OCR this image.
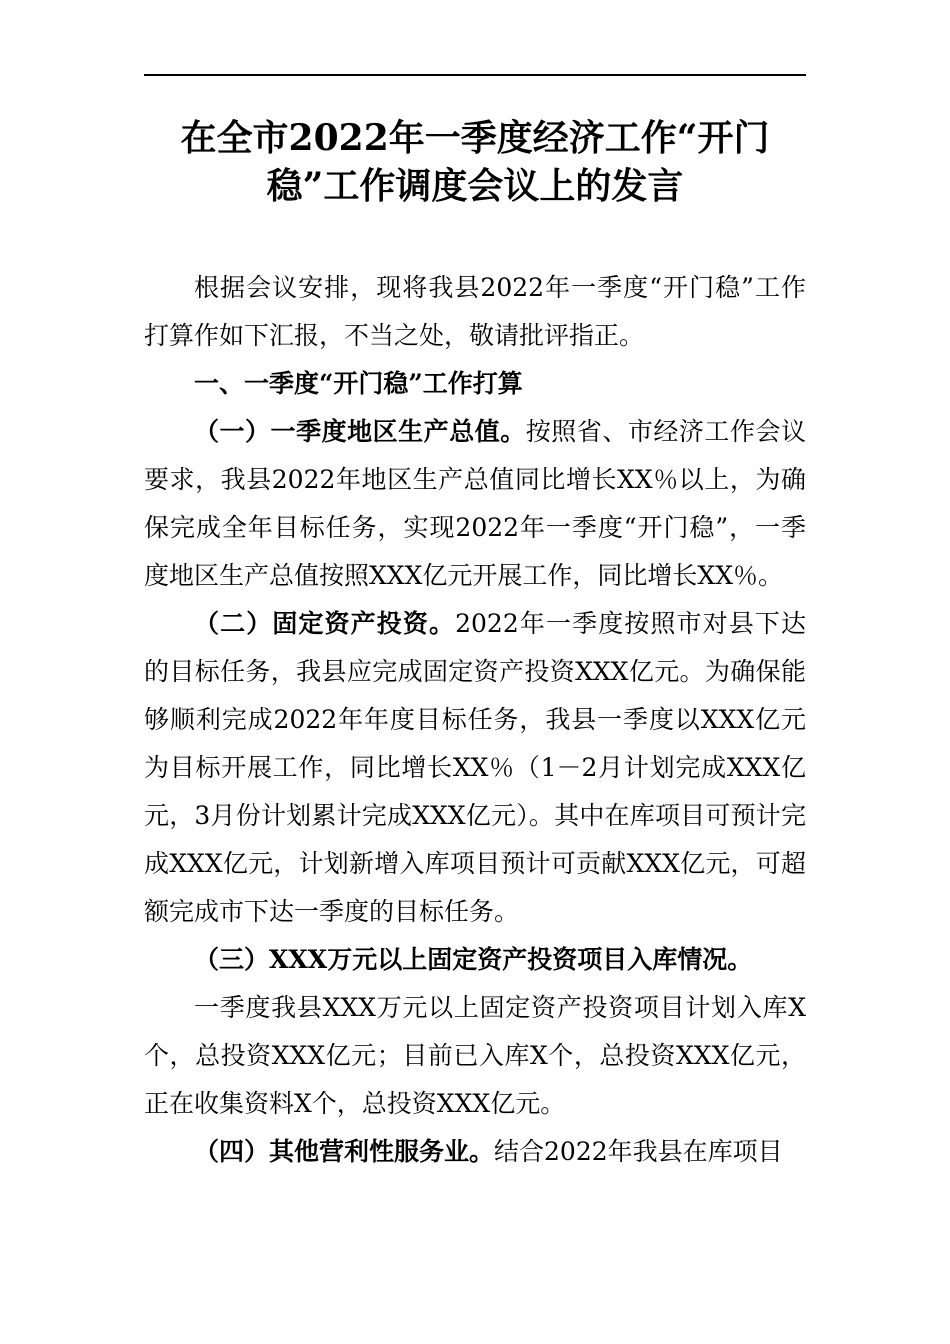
在全市2022年一季度经济工作“开门
稳”工作调度会议上的发言

根据会议安排，现将我县2022年一季度“开门稳”工作打算作如下汇报，不当之处，敬请批评指正。

一、一季度“开门稳”工作打算

（一）一季度地区生产总值。按照省、市经济工作会议要求，我县2022年地区生产总值同比增长XX％以上，为确保完成全年目标任务，实现2022年一季度“开门稳”，一季度地区生产总值按照XXX亿元开展工作，同比增长XX％。

（二）固定资产投资。2022年一季度按照市对县下达的目标任务，我县应完成固定资产投资XXX亿元。为确保能够顺利完成2022年年度目标任务，我县一季度以XXX亿元为目标开展工作，同比增长XX％（1－2月计划完成XXX亿元，3月份计划累计完成XXX亿元）。其中在库项目可预计完成XXX亿元，计划新增入库项目预计可贡献XXX亿元，可超额完成市下达一季度的目标任务。

（三）XXX万元以上固定资产投资项目入库情况。

一季度我县XXX万元以上固定资产投资项目计划入库X个，总投资XXX亿元；目前已入库X个，总投资XXX亿元，正在收集资料X个，总投资XXX亿元。

（四）其他营利性服务业。结合2022年我县在库项目
